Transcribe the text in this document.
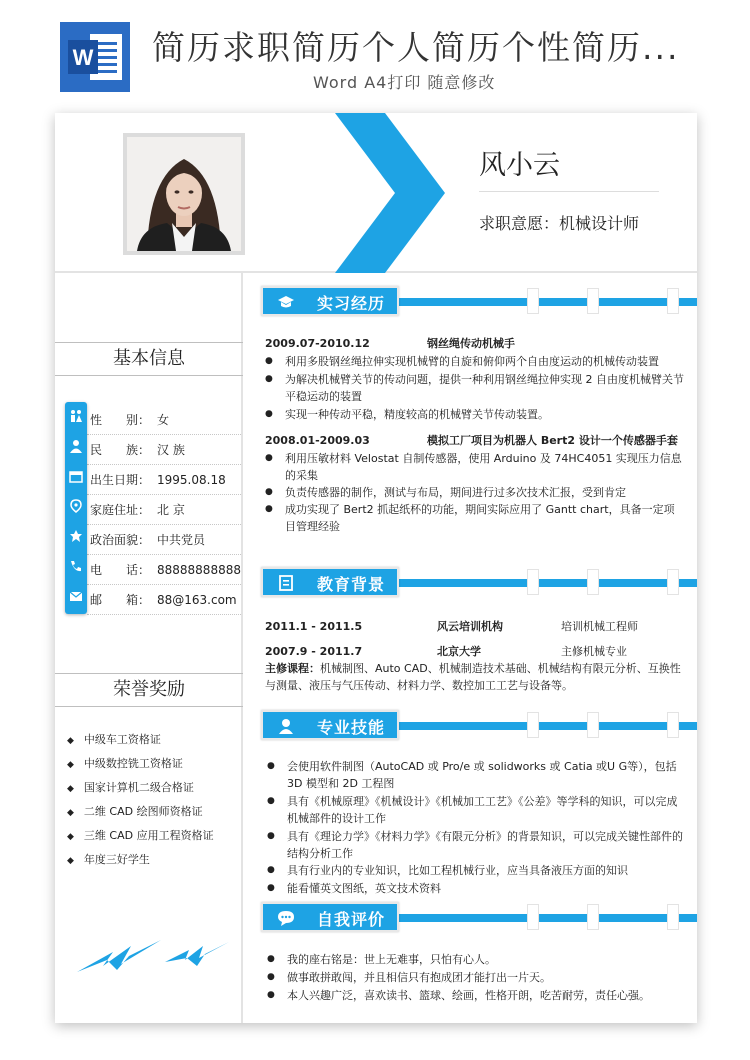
W 简历求职简历个人简历个性简历...
Word A4打印 随意修改
风小云
求职意愿：机械设计师
基本信息
性　　别： 女
民　　族： 汉 族
出生日期： 1995.08.18
家庭住址： 北 京
政治面貌： 中共党员
电　　话： 88888888888
邮　　箱： 88@163.com
荣誉奖励
◆ 中级车工资格证
◆ 中级数控铣工资格证
◆ 国家计算机二级合格证
◆ 二维 CAD 绘图师资格证
◆ 三维 CAD 应用工程资格证
◆ 年度三好学生
实习经历
2009.07-2010.12	钢丝绳传动机械手
● 利用多股钢丝绳拉伸实现机械臂的自旋和俯仰两个自由度运动的机械传动装置
● 为解决机械臂关节的传动问题，提供一种利用钢丝绳拉伸实现 2 自由度机械臂关节平稳运动的装置
● 实现一种传动平稳，精度较高的机械臂关节传动装置。
2008.01-2009.03	模拟工厂项目为机器人 Bert2 设计一个传感器手套
● 利用压敏材料 Velostat 自制传感器，使用 Arduino 及 74HC4051 实现压力信息的采集
● 负责传感器的制作，测试与布局，期间进行过多次技术汇报，受到肯定
● 成功实现了 Bert2 抓起纸杯的功能，期间实际应用了 Gantt chart，具备一定项目管理经验
教育背景
2011.1 - 2011.5	风云培训机构	培训机械工程师
2007.9 - 2011.7	北京大学	主修机械专业
主修课程：机械制图、Auto CAD、机械制造技术基础、机械结构有限元分析、互换性与测量、液压与气压传动、材料力学、数控加工工艺与设备等。
专业技能
● 会使用软件制图（AutoCAD 或 Pro/e 或 solidworks 或 Catia 或U G等），包括 3D 模型和 2D 工程图
● 具有《机械原理》《机械设计》《机械加工工艺》《公差》等学科的知识，可以完成机械部件的设计工作
● 具有《理论力学》《材料力学》《有限元分析》的背景知识，可以完成关键性部件的结构分析工作
● 具有行业内的专业知识，比如工程机械行业，应当具备液压方面的知识
● 能看懂英文图纸，英文技术资料
自我评价
● 我的座右铭是：世上无难事，只怕有心人。
● 做事敢拼敢闯，并且相信只有抱成团才能打出一片天。
● 本人兴趣广泛，喜欢读书、篮球、绘画，性格开朗，吃苦耐劳，责任心强。
